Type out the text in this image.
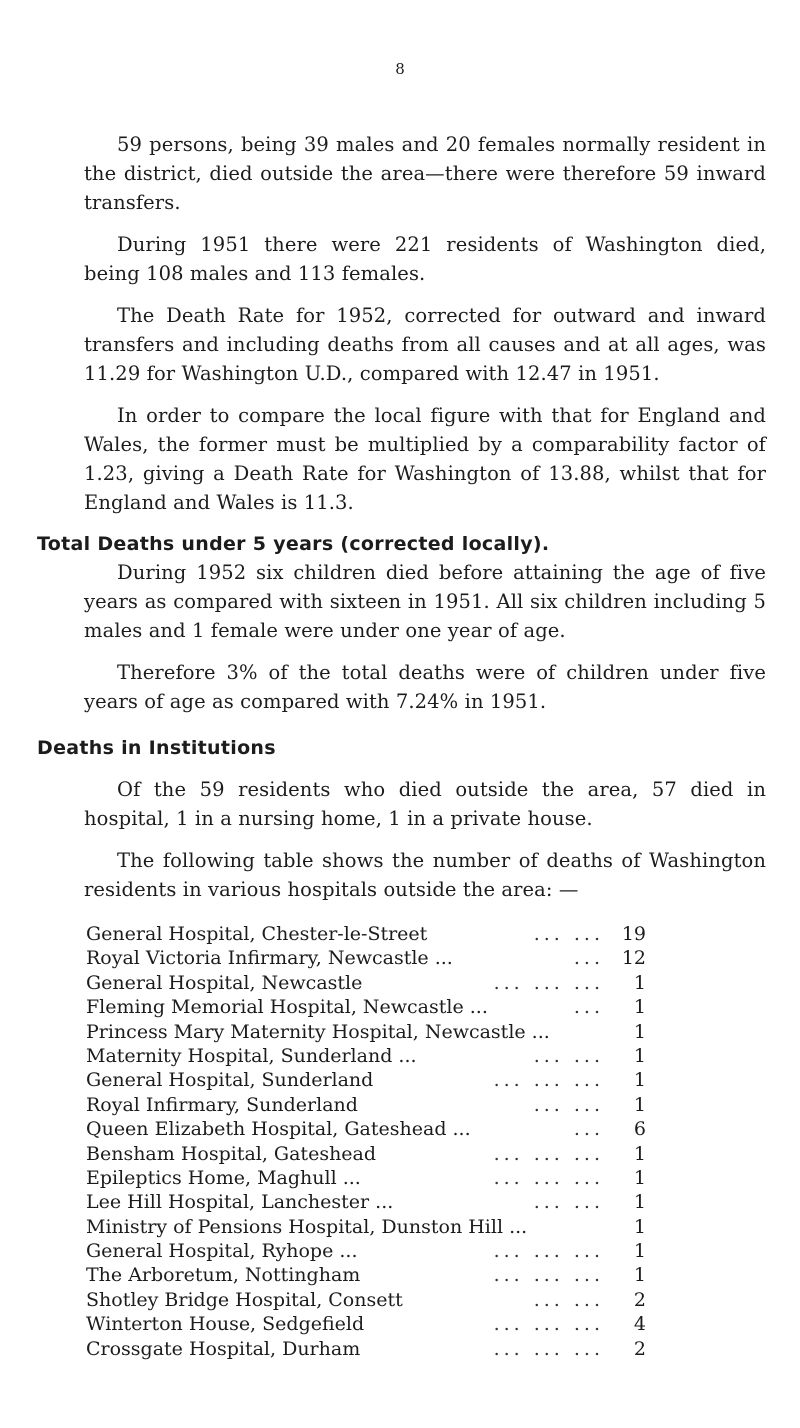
8

59 persons, being 39 males and 20 females normally resident in the district, died outside the area—there were therefore 59 inward transfers.

During 1951 there were 221 residents of Washington died, being 108 males and 113 females.

The Death Rate for 1952, corrected for outward and inward transfers and including deaths from all causes and at all ages, was 11.29 for Washington U.D., compared with 12.47 in 1951.

In order to compare the local figure with that for England and Wales, the former must be multiplied by a comparability factor of 1.23, giving a Death Rate for Washington of 13.88, whilst that for England and Wales is 11.3.

Total Deaths under 5 years (corrected locally).

During 1952 six children died before attaining the age of five years as compared with sixteen in 1951. All six children including 5 males and 1 female were under one year of age.

Therefore 3% of the total deaths were of children under five years of age as compared with 7.24% in 1951.

Deaths in Institutions

Of the 59 residents who died outside the area, 57 died in hospital, 1 in a nursing home, 1 in a private house.

The following table shows the number of deaths of Washington residents in various hospitals outside the area: —

General Hospital, Chester-le-Street	... ... 19
Royal Victoria Infirmary, Newcastle ...	... 12
General Hospital, Newcastle	... ... ...	1
Fleming Memorial Hospital, Newcastle ...	...	1
Princess Mary Maternity Hospital, Newcastle ...	1
Maternity Hospital, Sunderland ...	... ...	1
General Hospital, Sunderland	... ... ...	1
Royal Infirmary, Sunderland	... ...	1
Queen Elizabeth Hospital, Gateshead ...	...	6
Bensham Hospital, Gateshead	... ... ...	1
Epileptics Home, Maghull ...	... ... ...	1
Lee Hill Hospital, Lanchester ...	... ...	1
Ministry of Pensions Hospital, Dunston Hill ...	1
General Hospital, Ryhope ...	... ... ...	1
The Arboretum, Nottingham	... ... ...	1
Shotley Bridge Hospital, Consett	... ...	2
Winterton House, Sedgefield	... ... ...	4
Crossgate Hospital, Durham	... ... ...	2
